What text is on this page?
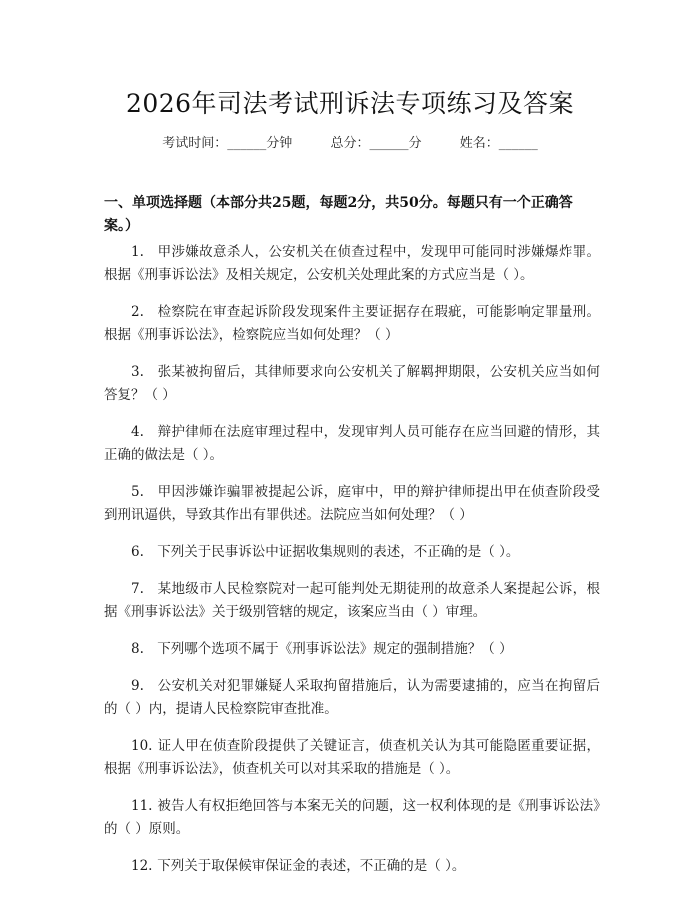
2026年司法考试刑诉法专项练习及答案
考试时间：______分钟	总分：______分	姓名：______
一、单项选择题（本部分共25题，每题2分，共50分。每题只有一个正确答案。）
1. 甲涉嫌故意杀人，公安机关在侦查过程中，发现甲可能同时涉嫌爆炸罪。根据《刑事诉讼法》及相关规定，公安机关处理此案的方式应当是（ ）。
2. 检察院在审查起诉阶段发现案件主要证据存在瑕疵，可能影响定罪量刑。根据《刑事诉讼法》，检察院应当如何处理？（ ）
3. 张某被拘留后，其律师要求向公安机关了解羁押期限，公安机关应当如何答复？（ ）
4. 辩护律师在法庭审理过程中，发现审判人员可能存在应当回避的情形，其正确的做法是（ ）。
5. 甲因涉嫌诈骗罪被提起公诉，庭审中，甲的辩护律师提出甲在侦查阶段受到刑讯逼供，导致其作出有罪供述。法院应当如何处理？（ ）
6. 下列关于民事诉讼中证据收集规则的表述，不正确的是（ ）。
7. 某地级市人民检察院对一起可能判处无期徒刑的故意杀人案提起公诉，根据《刑事诉讼法》关于级别管辖的规定，该案应当由（ ）审理。
8. 下列哪个选项不属于《刑事诉讼法》规定的强制措施？（ ）
9. 公安机关对犯罪嫌疑人采取拘留措施后，认为需要逮捕的，应当在拘留后的（ ）内，提请人民检察院审查批准。
10. 证人甲在侦查阶段提供了关键证言，侦查机关认为其可能隐匿重要证据，根据《刑事诉讼法》，侦查机关可以对其采取的措施是（ ）。
11. 被告人有权拒绝回答与本案无关的问题，这一权利体现的是《刑事诉讼法》的（ ）原则。
12. 下列关于取保候审保证金的表述，不正确的是（ ）。
